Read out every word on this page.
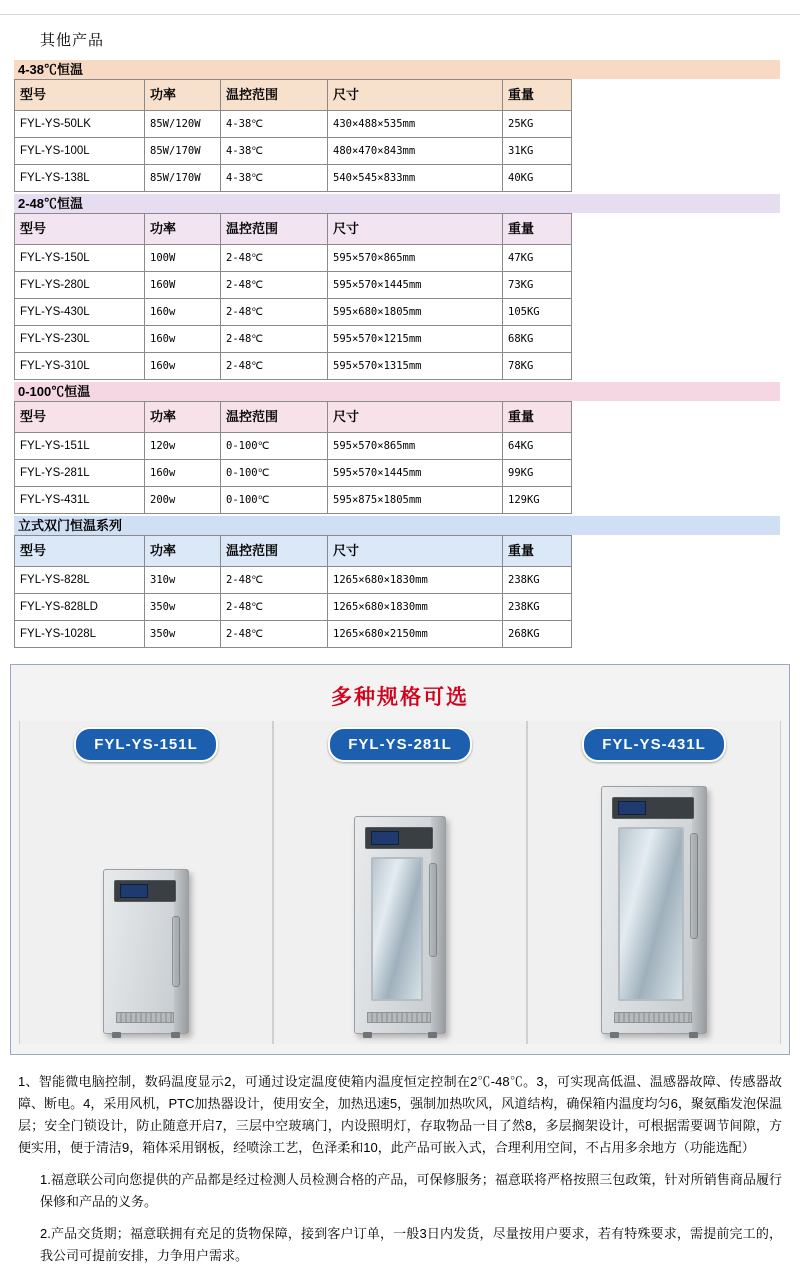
其他产品
4-38℃恒温
型号	功率	温控范围	尺寸	重量
FYL-YS-50LK	85W/120W	4-38℃	430×488×535mm	25KG
FYL-YS-100L	85W/170W	4-38℃	480×470×843mm	31KG
FYL-YS-138L	85W/170W	4-38℃	540×545×833mm	40KG
2-48℃恒温
型号	功率	温控范围	尺寸	重量
FYL-YS-150L	100W	2-48℃	595×570×865mm	47KG
FYL-YS-280L	160W	2-48℃	595×570×1445mm	73KG
FYL-YS-430L	160w	2-48℃	595×680×1805mm	105KG
FYL-YS-230L	160w	2-48℃	595×570×1215mm	68KG
FYL-YS-310L	160w	2-48℃	595×570×1315mm	78KG
0-100℃恒温
型号	功率	温控范围	尺寸	重量
FYL-YS-151L	120w	0-100℃	595×570×865mm	64KG
FYL-YS-281L	160w	0-100℃	595×570×1445mm	99KG
FYL-YS-431L	200w	0-100℃	595×875×1805mm	129KG
立式双门恒温系列
型号	功率	温控范围	尺寸	重量
FYL-YS-828L	310w	2-48℃	1265×680×1830mm	238KG
FYL-YS-828LD	350w	2-48℃	1265×680×1830mm	238KG
FYL-YS-1028L	350w	2-48℃	1265×680×2150mm	268KG
多种规格可选
FYL-YS-151L	FYL-YS-281L	FYL-YS-431L

1、智能微电脑控制，数码温度显示2，可通过设定温度使箱内温度恒定控制在2℃-48℃。3，可实现高低温、温感器故障、传感器故障、断电。4，采用风机，PTC加热器设计，使用安全，加热迅速5，强制加热吹风，风道结构，确保箱内温度均匀6，聚氨酯发泡保温层；安全门锁设计，防止随意开启7，三层中空玻璃门，内设照明灯，存取物品一目了然8，多层搁架设计，可根据需要调节间隙，方便实用，便于清洁9，箱体采用钢板，经喷涂工艺，色泽柔和10，此产品可嵌入式，合理利用空间，不占用多余地方（功能选配）

1.福意联公司向您提供的产品都是经过检测人员检测合格的产品，可保修服务；福意联将严格按照三包政策，针对所销售商品履行保修和产品的义务。

2.产品交货期；福意联拥有充足的货物保障，接到客户订单，一般3日内发货，尽量按用户要求，若有特殊要求，需提前完工的，我公司可提前安排，力争用户需求。
